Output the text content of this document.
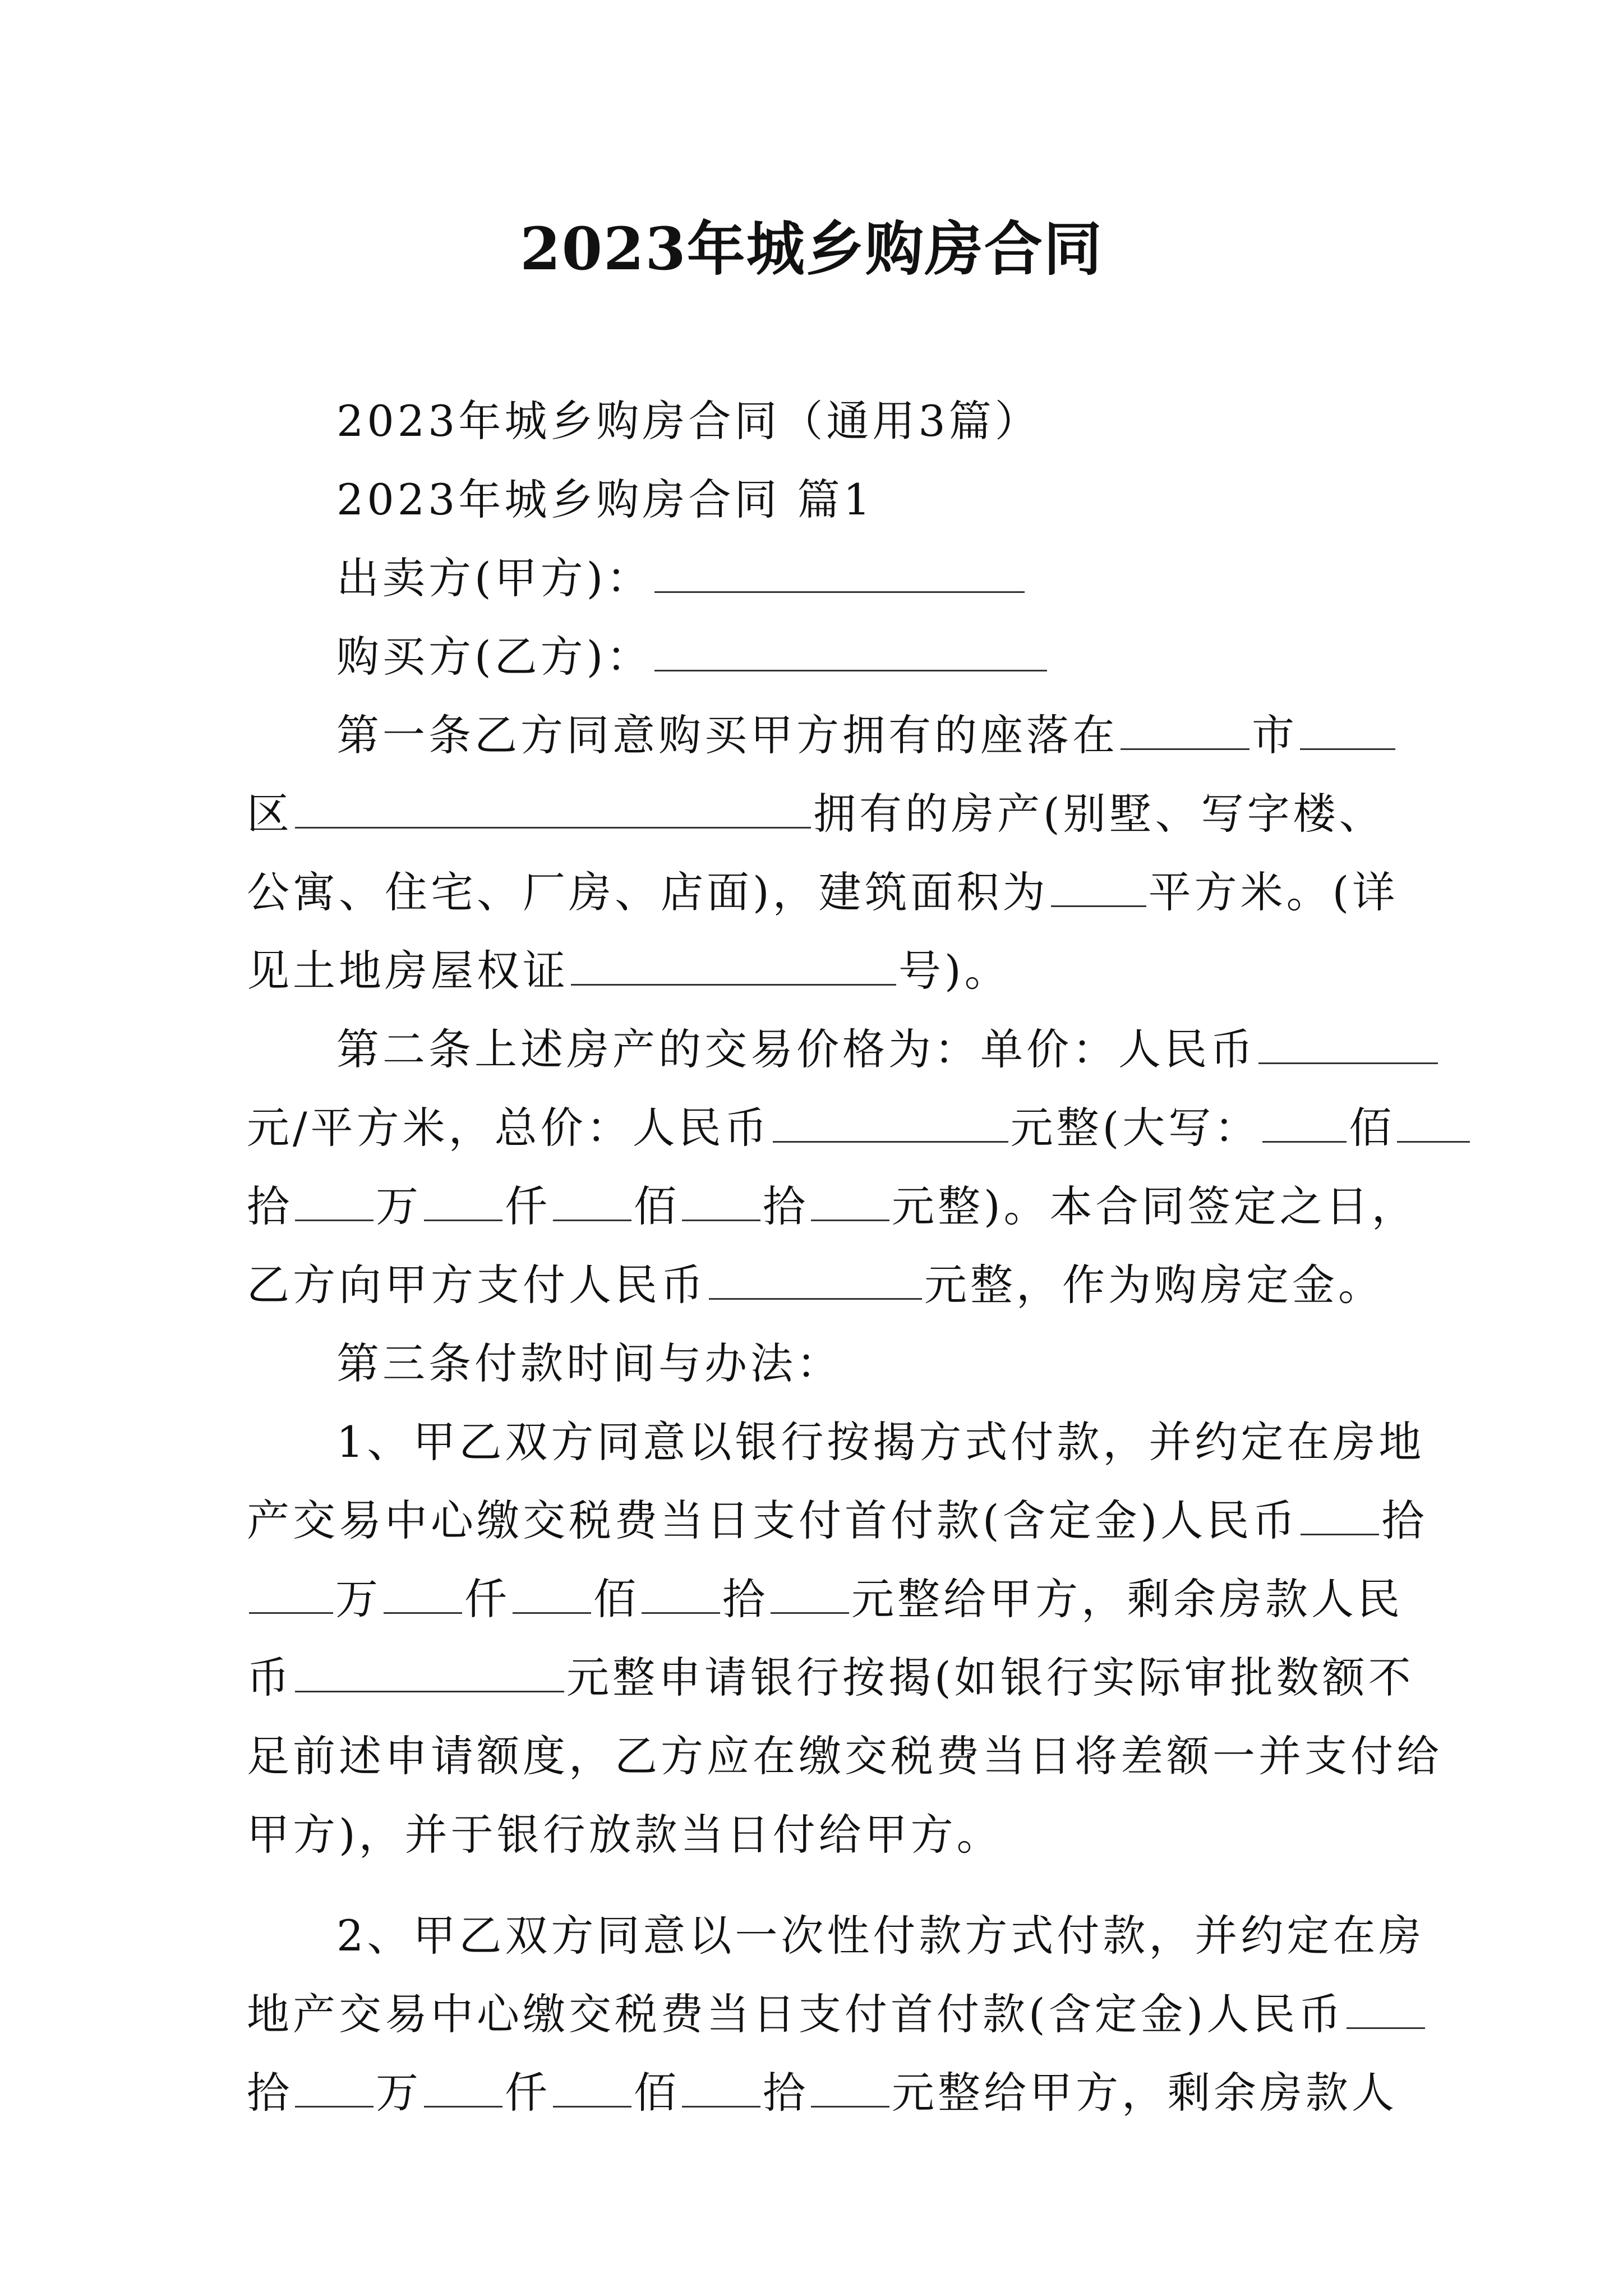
2023年城乡购房合同
2023年城乡购房合同（通用3篇）
2023年城乡购房合同 篇1
出卖方(甲方)：
购买方(乙方)：
第一条乙方同意购买甲方拥有的座落在	市
区	拥有的房产(别墅、写字楼、
公寓、住宅、厂房、店面)，建筑面积为 平方米。(详
见土地房屋权证	号)。
第二条上述房产的交易价格为：单价：人民币
元/平方米，总价：人民币	元整(大写： 佰
拾 万 仟 佰 拾 元整)。本合同签定之日，
乙方向甲方支付人民币	元整，作为购房定金。
第三条付款时间与办法：
1、甲乙双方同意以银行按揭方式付款，并约定在房地
产交易中心缴交税费当日支付首付款(含定金)人民币 拾
万 仟 佰 拾 元整给甲方，剩余房款人民
币	元整申请银行按揭(如银行实际审批数额不
足前述申请额度，乙方应在缴交税费当日将差额一并支付给
甲方)，并于银行放款当日付给甲方。
2、甲乙双方同意以一次性付款方式付款，并约定在房
地产交易中心缴交税费当日支付首付款(含定金)人民币
拾 万 仟 佰 拾 元整给甲方，剩余房款人
